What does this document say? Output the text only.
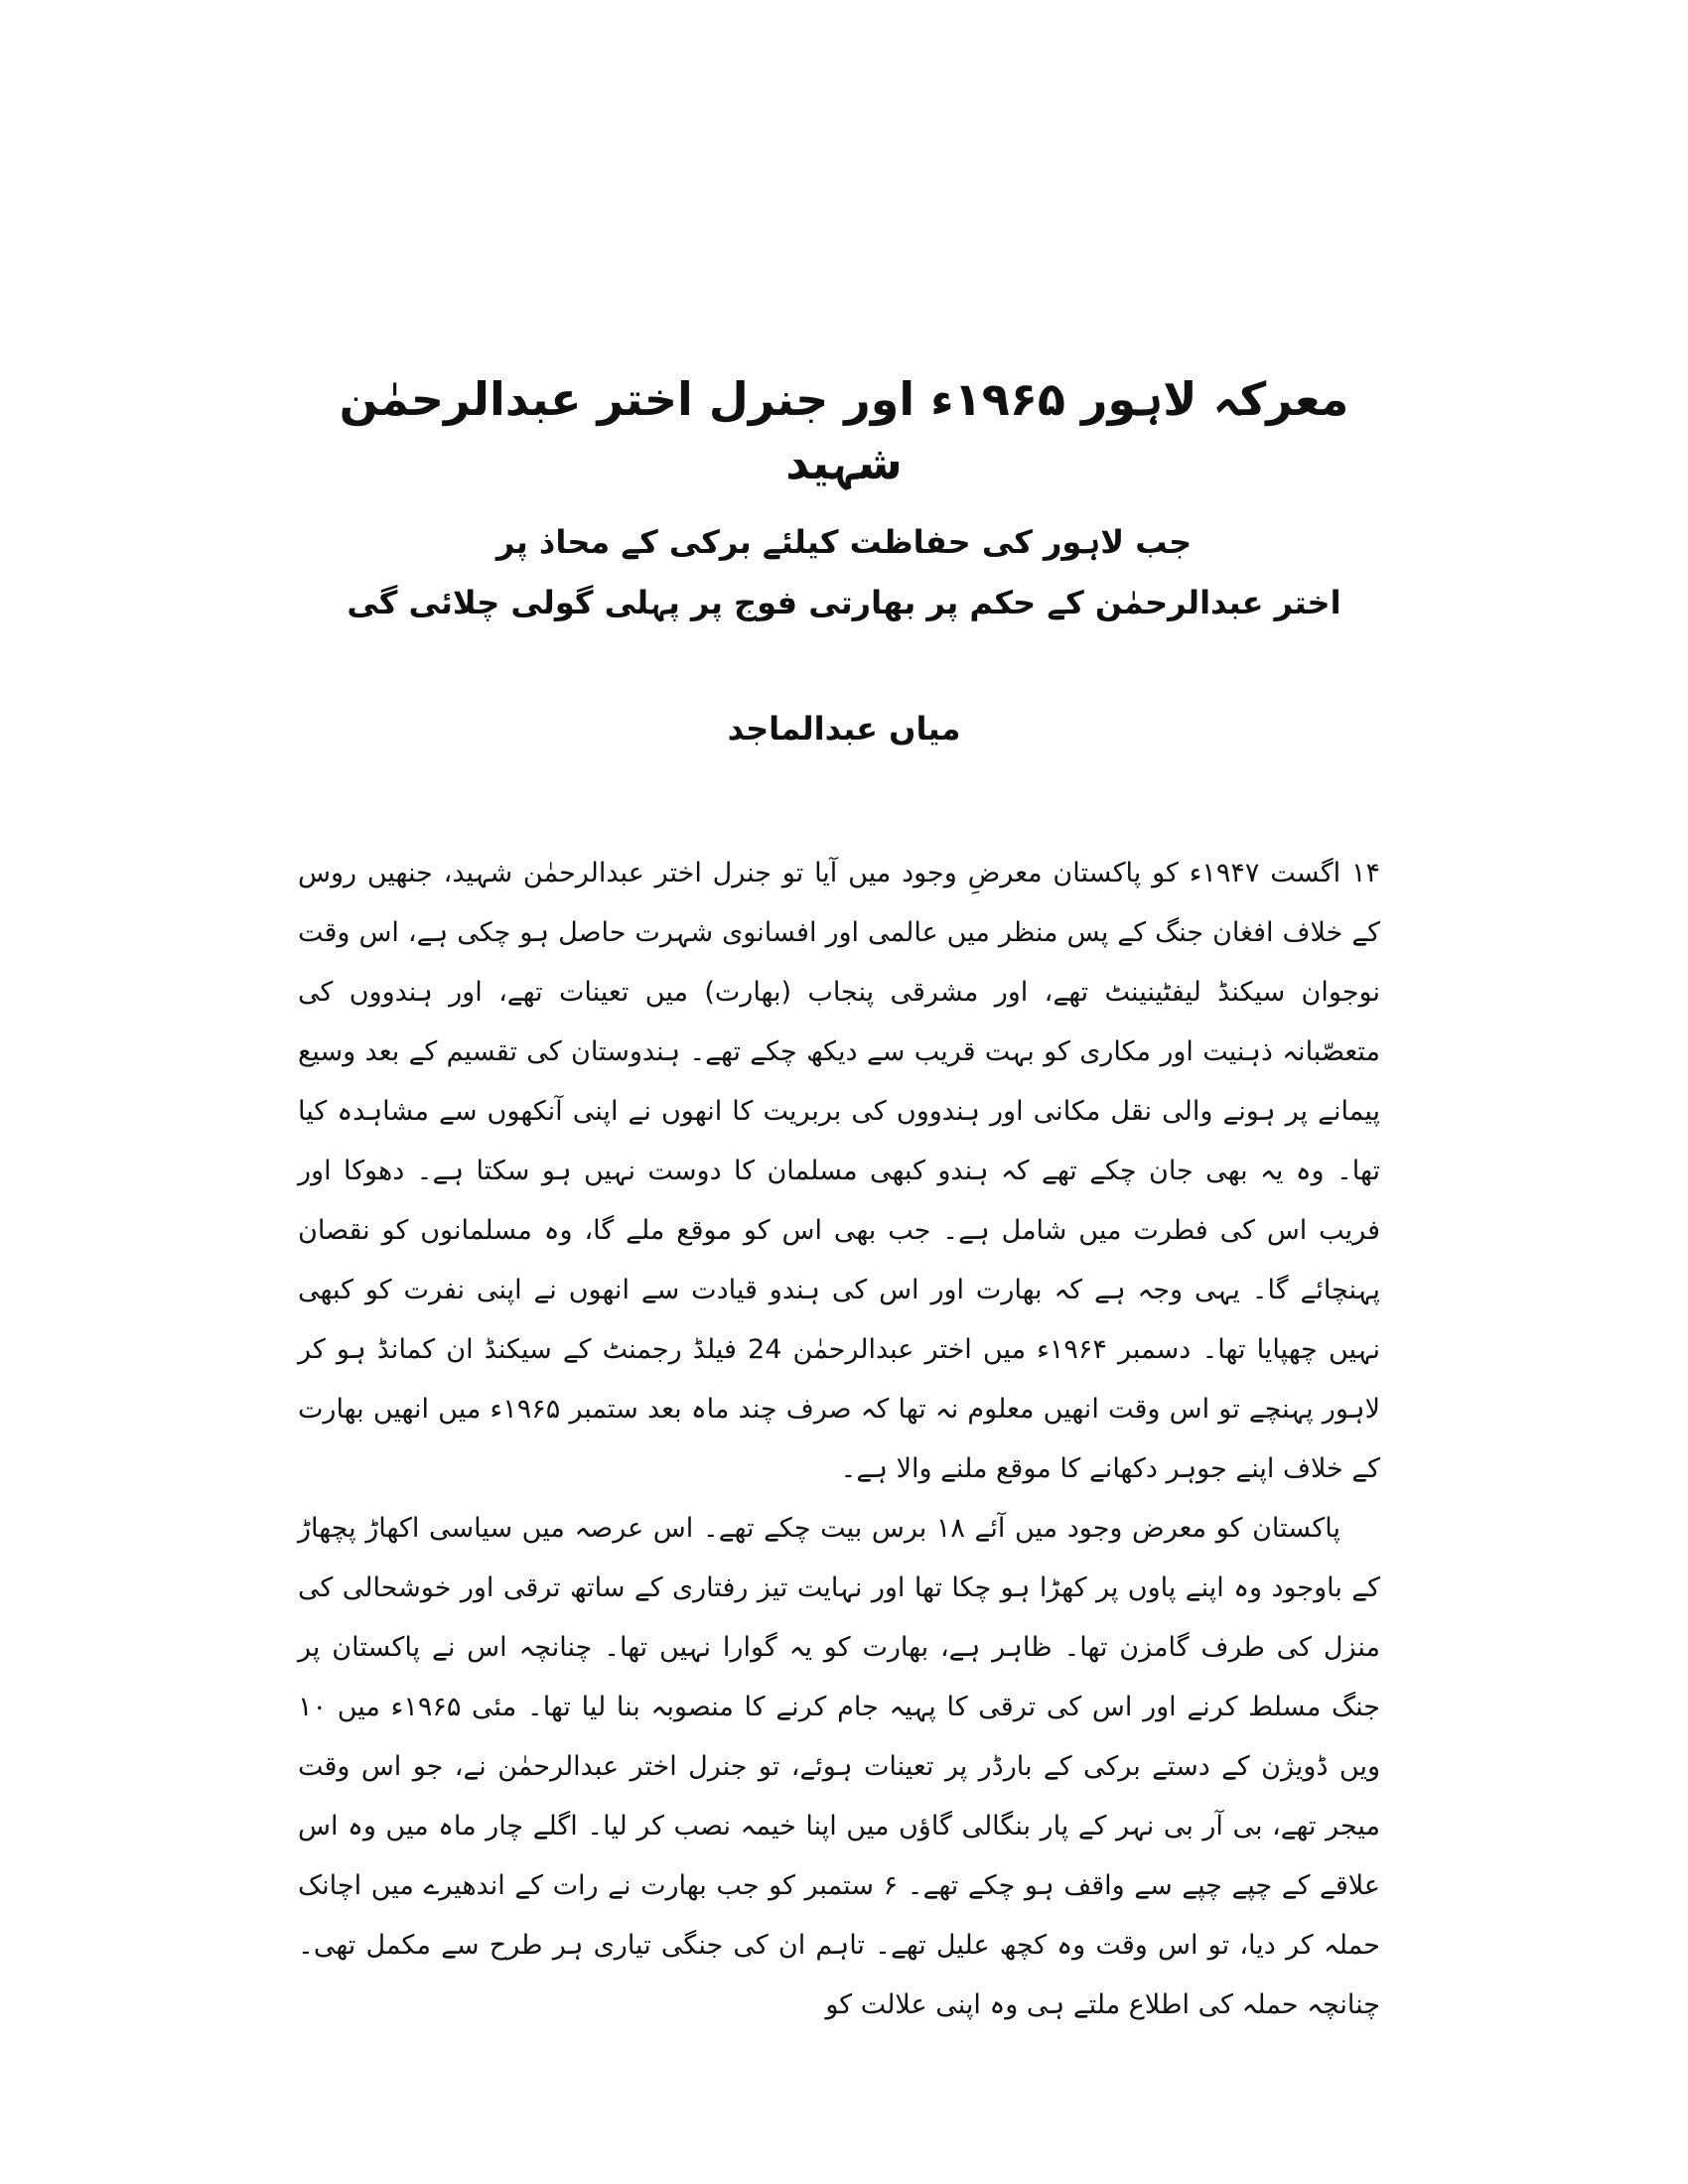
معرکہ لاہور ۱۹۶۵ء اور جنرل اختر عبدالرحمٰن شہید
جب لاہور کی حفاظت کیلئے برکی کے محاذ پر
اختر عبدالرحمٰن کے حکم پر بھارتی فوج پر پہلی گولی چلائی گی
میاں عبدالماجد

۱۴ اگست ۱۹۴۷ء کو پاکستان معرضِ وجود میں آیا تو جنرل اختر عبدالرحمٰن شہید، جنھیں روس کے خلاف افغان جنگ کے پس منظر میں عالمی اور افسانوی شہرت حاصل ہو چکی ہے، اس وقت نوجوان سیکنڈ لیفٹینینٹ تھے، اور مشرقی پنجاب (بھارت) میں تعینات تھے، اور ہندووں کی متعصّبانہ ذہنیت اور مکاری کو بہت قریب سے دیکھ چکے تھے۔ ہندوستان کی تقسیم کے بعد وسیع پیمانے پر ہونے والی نقل مکانی اور ہندووں کی بربریت کا انھوں نے اپنی آنکھوں سے مشاہدہ کیا تھا۔ وہ یہ بھی جان چکے تھے کہ ہندو کبھی مسلمان کا دوست نہیں ہو سکتا ہے۔ دھوکا اور فریب اس کی فطرت میں شامل ہے۔ جب بھی اس کو موقع ملے گا، وہ مسلمانوں کو نقصان پہنچائے گا۔ یہی وجہ ہے کہ بھارت اور اس کی ہندو قیادت سے انھوں نے اپنی نفرت کو کبھی نہیں چھپایا تھا۔ دسمبر ۱۹۶۴ء میں اختر عبدالرحمٰن 24 فیلڈ رجمنٹ کے سیکنڈ ان کمانڈ ہو کر لاہور پہنچے تو اس وقت انھیں معلوم نہ تھا کہ صرف چند ماہ بعد ستمبر ۱۹۶۵ء میں انھیں بھارت کے خلاف اپنے جوہر دکھانے کا موقع ملنے والا ہے۔

پاکستان کو معرض وجود میں آئے ۱۸ برس بیت چکے تھے۔ اس عرصہ میں سیاسی اکھاڑ پچھاڑ کے باوجود وہ اپنے پاوں پر کھڑا ہو چکا تھا اور نہایت تیز رفتاری کے ساتھ ترقی اور خوشحالی کی منزل کی طرف گامزن تھا۔ ظاہر ہے، بھارت کو یہ گوارا نہیں تھا۔ چنانچہ اس نے پاکستان پر جنگ مسلط کرنے اور اس کی ترقی کا پہیہ جام کرنے کا منصوبہ بنا لیا تھا۔ مئی ۱۹۶۵ء میں ۱۰ ویں ڈویژن کے دستے برکی کے بارڈر پر تعینات ہوئے، تو جنرل اختر عبدالرحمٰن نے، جو اس وقت میجر تھے، بی آر بی نہر کے پار بنگالی گاؤں میں اپنا خیمہ نصب کر لیا۔ اگلے چار ماہ میں وہ اس علاقے کے چپے چپے سے واقف ہو چکے تھے۔ ۶ ستمبر کو جب بھارت نے رات کے اندھیرے میں اچانک حملہ کر دیا، تو اس وقت وہ کچھ علیل تھے۔ تاہم ان کی جنگی تیاری ہر طرح سے مکمل تھی۔ چنانچہ حملہ کی اطلاع ملتے ہی وہ اپنی علالت کو
